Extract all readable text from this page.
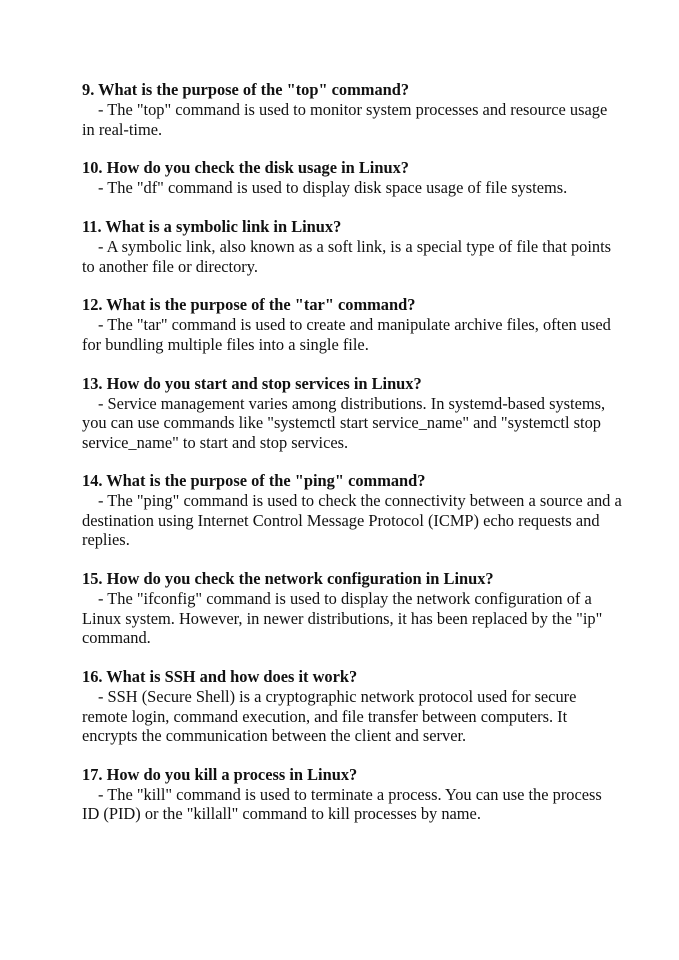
9. What is the purpose of the "top" command?

- The "top" command is used to monitor system processes and resource usage in real-time.

10. How do you check the disk usage in Linux?

- The "df" command is used to display disk space usage of file systems.

11. What is a symbolic link in Linux?

- A symbolic link, also known as a soft link, is a special type of file that points to another file or directory.

12. What is the purpose of the "tar" command?

- The "tar" command is used to create and manipulate archive files, often used for bundling multiple files into a single file.

13. How do you start and stop services in Linux?

- Service management varies among distributions. In systemd-based systems, you can use commands like "systemctl start service_name" and "systemctl stop service_name" to start and stop services.

14. What is the purpose of the "ping" command?

- The "ping" command is used to check the connectivity between a source and a destination using Internet Control Message Protocol (ICMP) echo requests and replies.

15. How do you check the network configuration in Linux?

- The "ifconfig" command is used to display the network configuration of a Linux system. However, in newer distributions, it has been replaced by the "ip" command.

16. What is SSH and how does it work?

- SSH (Secure Shell) is a cryptographic network protocol used for secure remote login, command execution, and file transfer between computers. It encrypts the communication between the client and server.

17. How do you kill a process in Linux?

- The "kill" command is used to terminate a process. You can use the process ID (PID) or the "killall" command to kill processes by name.
